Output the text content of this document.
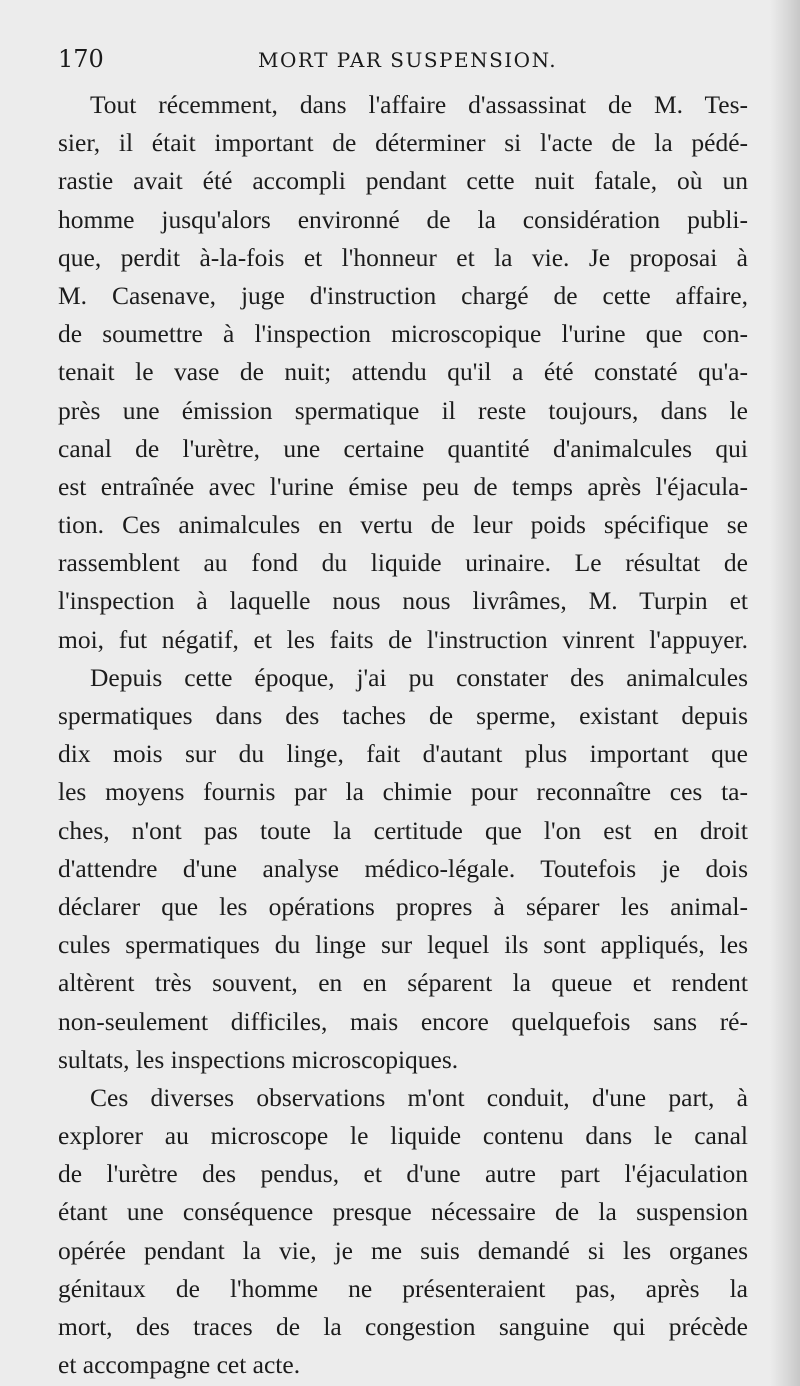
170	MORT PAR SUSPENSION.
Tout récemment, dans l'affaire d'assassinat de M. Tes-
sier, il était important de déterminer si l'acte de la pédé-
rastie avait été accompli pendant cette nuit fatale, où un
homme jusqu'alors environné de la considération publi-
que, perdit à-la-fois et l'honneur et la vie. Je proposai à
M. Casenave, juge d'instruction chargé de cette affaire,
de soumettre à l'inspection microscopique l'urine que con-
tenait le vase de nuit; attendu qu'il a été constaté qu'a-
près une émission spermatique il reste toujours, dans le
canal de l'urètre, une certaine quantité d'animalcules qui
est entraînée avec l'urine émise peu de temps après l'éjacula-
tion. Ces animalcules en vertu de leur poids spécifique se
rassemblent au fond du liquide urinaire. Le résultat de
l'inspection à laquelle nous nous livrâmes, M. Turpin et
moi, fut négatif, et les faits de l'instruction vinrent l'appuyer.
Depuis cette époque, j'ai pu constater des animalcules
spermatiques dans des taches de sperme, existant depuis
dix mois sur du linge, fait d'autant plus important que
les moyens fournis par la chimie pour reconnaître ces ta-
ches, n'ont pas toute la certitude que l'on est en droit
d'attendre d'une analyse médico-légale. Toutefois je dois
déclarer que les opérations propres à séparer les animal-
cules spermatiques du linge sur lequel ils sont appliqués, les
altèrent très souvent, en en séparent la queue et rendent
non-seulement difficiles, mais encore quelquefois sans ré-
sultats, les inspections microscopiques.
Ces diverses observations m'ont conduit, d'une part, à
explorer au microscope le liquide contenu dans le canal
de l'urètre des pendus, et d'une autre part l'éjaculation
étant une conséquence presque nécessaire de la suspension
opérée pendant la vie, je me suis demandé si les organes
génitaux de l'homme ne présenteraient pas, après la
mort, des traces de la congestion sanguine qui précède
et accompagne cet acte.
